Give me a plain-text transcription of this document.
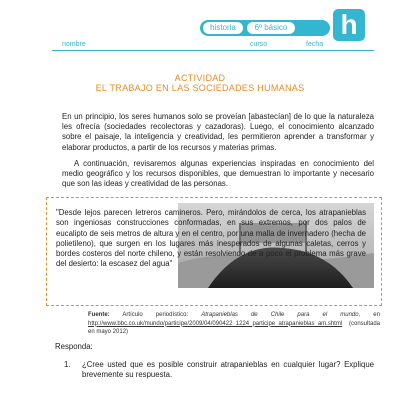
historia	6º básico h
nombre	curso	fecha
ACTIVIDAD
EL TRABAJO EN LAS SOCIEDADES HUMANAS
En un principio, los seres humanos solo se proveían [abastecían] de lo que la naturaleza les ofrecía (sociedades recolectoras y cazadoras). Luego, el conocimiento alcanzado sobre el paisaje, la inteligencia y creatividad, les permitieron aprender a transformar y elaborar productos, a partir de los recursos y materias primas.
A continuación, revisaremos algunas experiencias inspiradas en conocimiento del medio geográfico y los recursos disponibles, que demuestran lo importante y necesario que son las ideas y creatividad de las personas.
"Desde lejos parecen letreros camineros. Pero, mirándolos de cerca, los atrapanieblas son ingeniosas construcciones conformadas, en sus extremos, por dos palos de eucalipto de seis metros de altura y en el centro, por una malla de invernadero (hecha de polietileno), que surgen en los lugares más inesperados de algunas caletas, cerros y bordes costeros del norte chileno, y están resolviendo de a poco el problema más grave del desierto: la escasez del agua"
Fuente: Artículo periodístico: Atrapanieblas de Chile para el mundo, en http://www.bbc.co.uk/mundo/participe/2009/04/090422_1224_participe_atrapanieblas_am.shtml (consultada en mayo 2012)
Responda:
1. ¿Cree usted que es posible construir atrapanieblas en cualquier lugar? Explique brevemente su respuesta.
